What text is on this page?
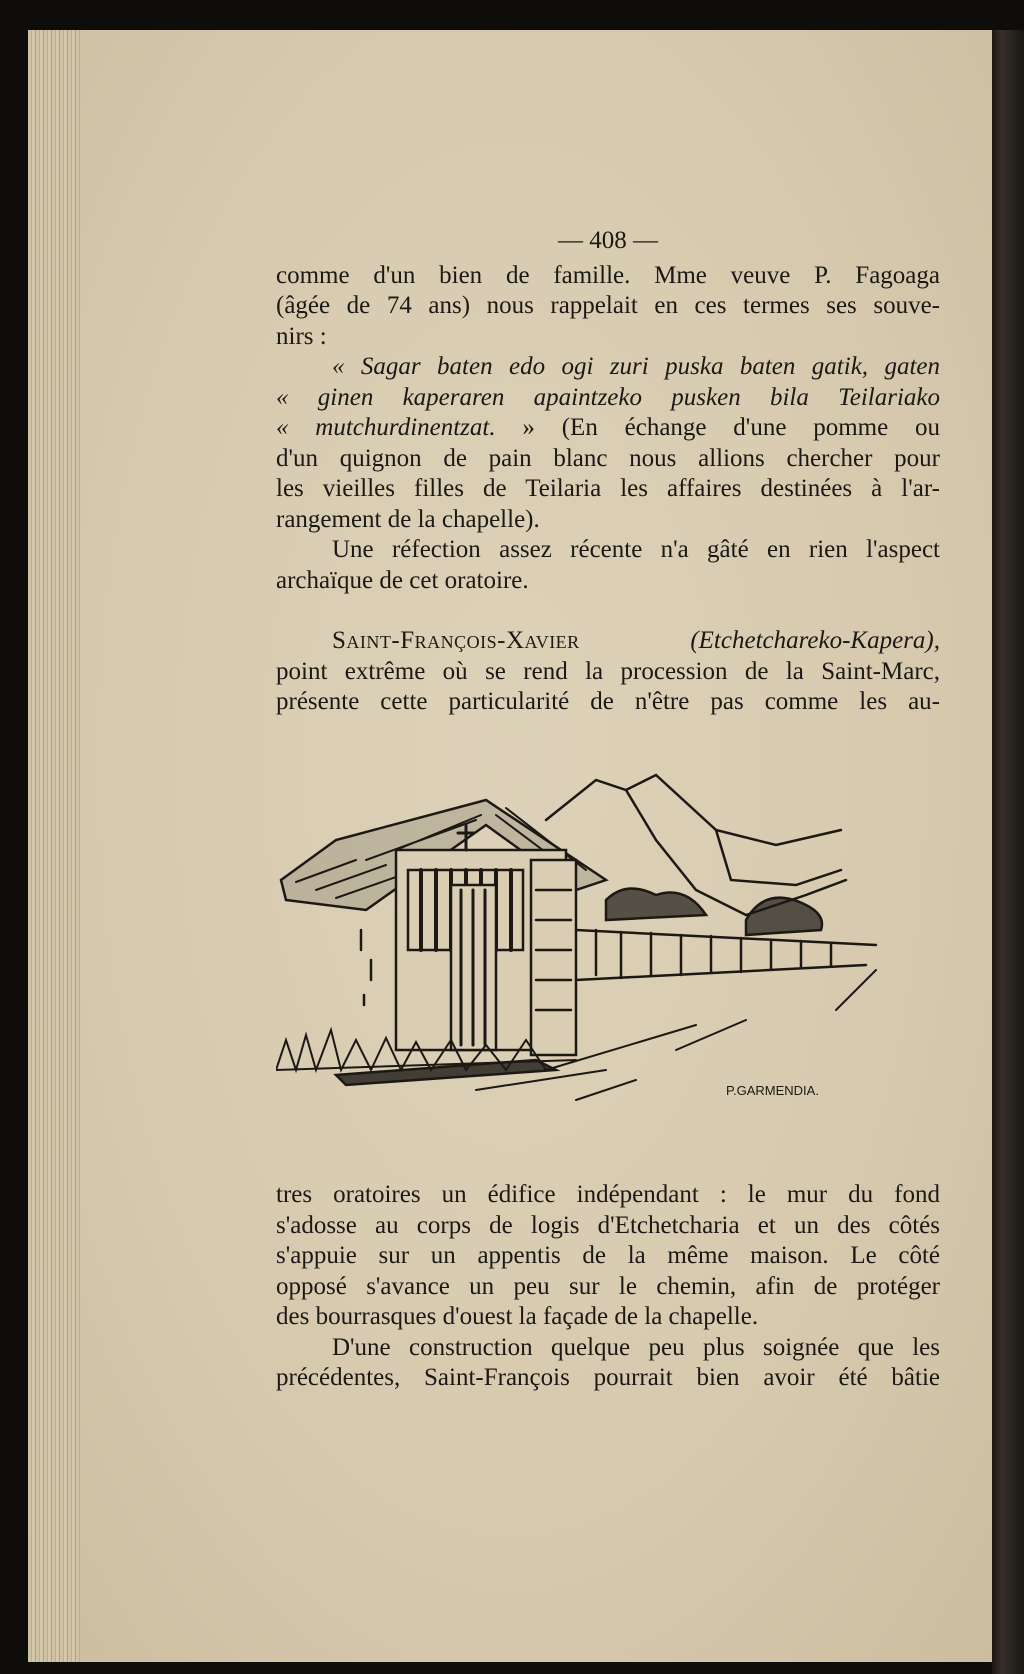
— 408 —

comme d'un bien de famille. Mme veuve P. Fagoaga

(âgée de 74 ans) nous rappelait en ces termes ses souve-

nirs :

« Sagar baten edo ogi zuri puska baten gatik, gaten

« ginen kaperaren apaintzeko pusken bila Teilariako

« mutchurdinentzat. » (En échange d'une pomme ou

d'un quignon de pain blanc nous allions chercher pour

les vieilles filles de Teilaria les affaires destinées à l'ar-

rangement de la chapelle).

Une réfection assez récente n'a gâté en rien l'aspect

archaïque de cet oratoire.

Saint-François-Xavier (Etchetchareko-Kapera),

point extrême où se rend la procession de la Saint-Marc,

présente cette particularité de n'être pas comme les au-

P.GARMENDIA.

tres oratoires un édifice indépendant : le mur du fond

s'adosse au corps de logis d'Etchetcharia et un des côtés

s'appuie sur un appentis de la même maison. Le côté

opposé s'avance un peu sur le chemin, afin de protéger

des bourrasques d'ouest la façade de la chapelle.

D'une construction quelque peu plus soignée que les

précédentes, Saint-François pourrait bien avoir été bâtie
